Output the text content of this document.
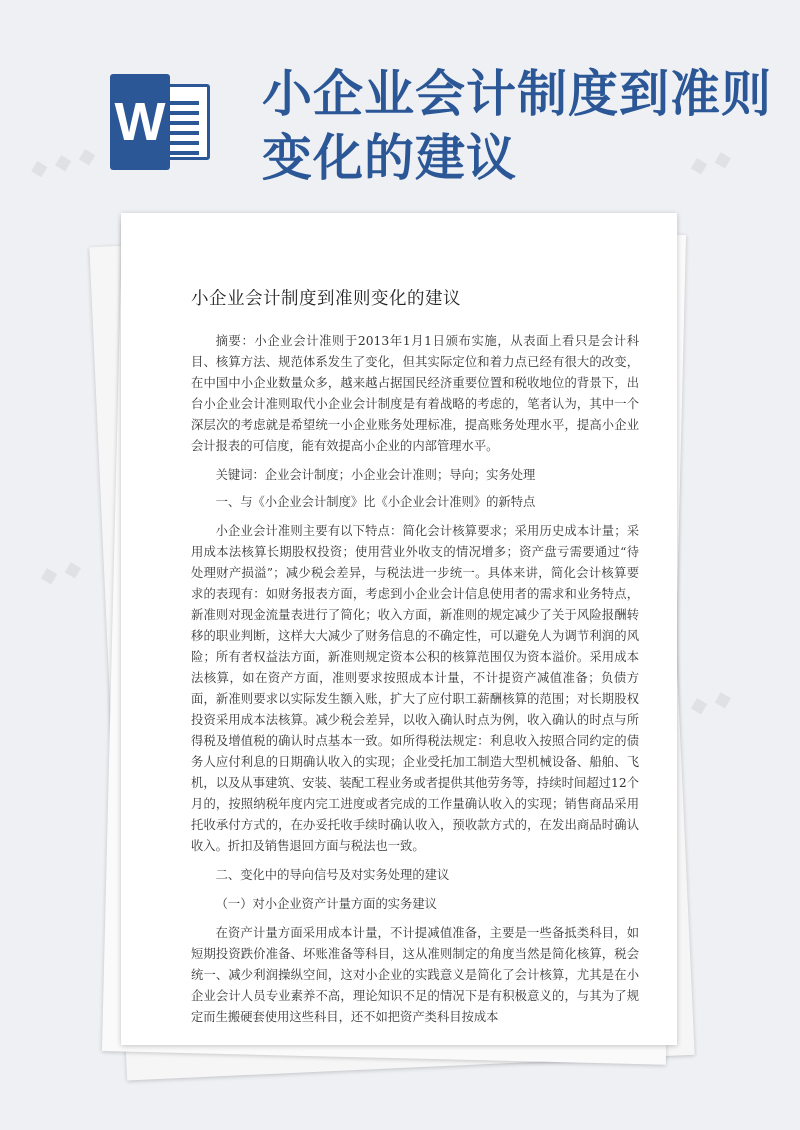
W 小企业会计制度到准则变化的建议
小企业会计制度到准则变化的建议

摘要：小企业会计准则于2013年1月1日颁布实施，从表面上看只是会计科目、核算方法、规范体系发生了变化，但其实际定位和着力点已经有很大的改变，在中国中小企业数量众多，越来越占据国民经济重要位置和税收地位的背景下，出台小企业会计准则取代小企业会计制度是有着战略的考虑的，笔者认为，其中一个深层次的考虑就是希望统一小企业账务处理标准，提高账务处理水平，提高小企业会计报表的可信度，能有效提高小企业的内部管理水平。

关键词：企业会计制度；小企业会计准则；导向；实务处理

一、与《小企业会计制度》比《小企业会计准则》的新特点

小企业会计准则主要有以下特点：简化会计核算要求；采用历史成本计量；采用成本法核算长期股权投资；使用营业外收支的情况增多；资产盘亏需要通过“待处理财产损溢”；减少税会差异，与税法进一步统一。具体来讲，简化会计核算要求的表现有：如财务报表方面，考虑到小企业会计信息使用者的需求和业务特点，新准则对现金流量表进行了简化；收入方面，新准则的规定减少了关于风险报酬转移的职业判断，这样大大减少了财务信息的不确定性，可以避免人为调节利润的风险；所有者权益法方面，新准则规定资本公积的核算范围仅为资本溢价。采用成本法核算，如在资产方面，准则要求按照成本计量，不计提资产减值准备；负债方面，新准则要求以实际发生额入账，扩大了应付职工薪酬核算的范围；对长期股权投资采用成本法核算。减少税会差异，以收入确认时点为例，收入确认的时点与所得税及增值税的确认时点基本一致。如所得税法规定：利息收入按照合同约定的债务人应付利息的日期确认收入的实现；企业受托加工制造大型机械设备、船舶、飞机，以及从事建筑、安装、装配工程业务或者提供其他劳务等，持续时间超过12个月的，按照纳税年度内完工进度或者完成的工作量确认收入的实现；销售商品采用托收承付方式的，在办妥托收手续时确认收入，预收款方式的，在发出商品时确认收入。折扣及销售退回方面与税法也一致。

二、变化中的导向信号及对实务处理的建议

（一）对小企业资产计量方面的实务建议

在资产计量方面采用成本计量，不计提减值准备，主要是一些备抵类科目，如短期投资跌价准备、坏账准备等科目，这从准则制定的角度当然是简化核算，税会统一、减少利润操纵空间，这对小企业的实践意义是简化了会计核算，尤其是在小企业会计人员专业素养不高，理论知识不足的情况下是有积极意义的，与其为了规定而生搬硬套使用这些科目，还不如把资产类科目按成本

◆ ◆ ◆	◆ ◆
◆ ◆
◆ ◆
